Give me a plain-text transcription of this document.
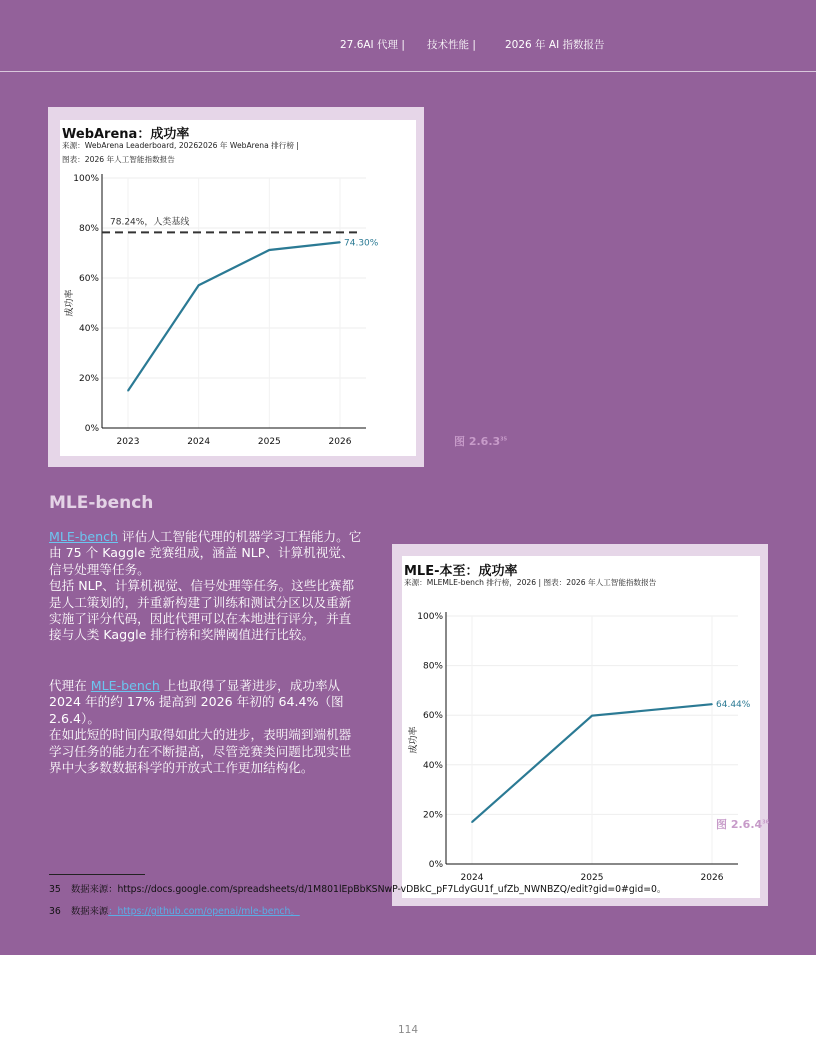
27.6AI 代理 | 技术性能 |	2026 年 AI 指数报告
WebArena：成功率
来源：WebArena Leaderboard, 20262026 年 WebArena 排行榜 | 图表：2026 年人工智能指数报告
0%
20%
40%
60%
80%
100%
2023	2024	2025	2026
成功率
78.24%，人类基线
74.30%
图 2.6.3$^{35}$
MLE-bench

MLE-bench 评估人工智能代理的机器学习工程能力。它由 75 个 Kaggle 竞赛组成，涵盖 NLP、计算机视觉、信号处理等任务。

包括 NLP、计算机视觉、信号处理等任务。这些比赛都是人工策划的，并重新构建了训练和测试分区以及重新实施了评分代码，因此代理可以在本地进行评分，并直接与人类 Kaggle 排行榜和奖牌阈值进行比较。

代理在 MLE-bench 上也取得了显著进步，成功率从 2024 年的约 17% 提高到 2026 年初的 64.4%（图 2.6.4）。

在如此短的时间内取得如此大的进步，表明端到端机器学习任务的能力在不断提高，尽管竞赛类问题比现实世界中大多数数据科学的开放式工作更加结构化。

MLE-本至：成功率
来源：MLEMLE-bench 排行榜，2026 | 图表：2026 年人工智能指数报告
0%
20%
40%
60%
80%
100%
2024	2025	2026
成功率
64.44%
图 2.6.4$^{36}$
35 数据来源：https://docs.google.com/spreadsheets/d/1M801lEpBbKSNwP-vDBkC_pF7LdyGU1f_ufZb_NWNBZQ/edit?gid=0#gid=0。
36 数据来源：https://github.com/openai/mle-bench。
114
